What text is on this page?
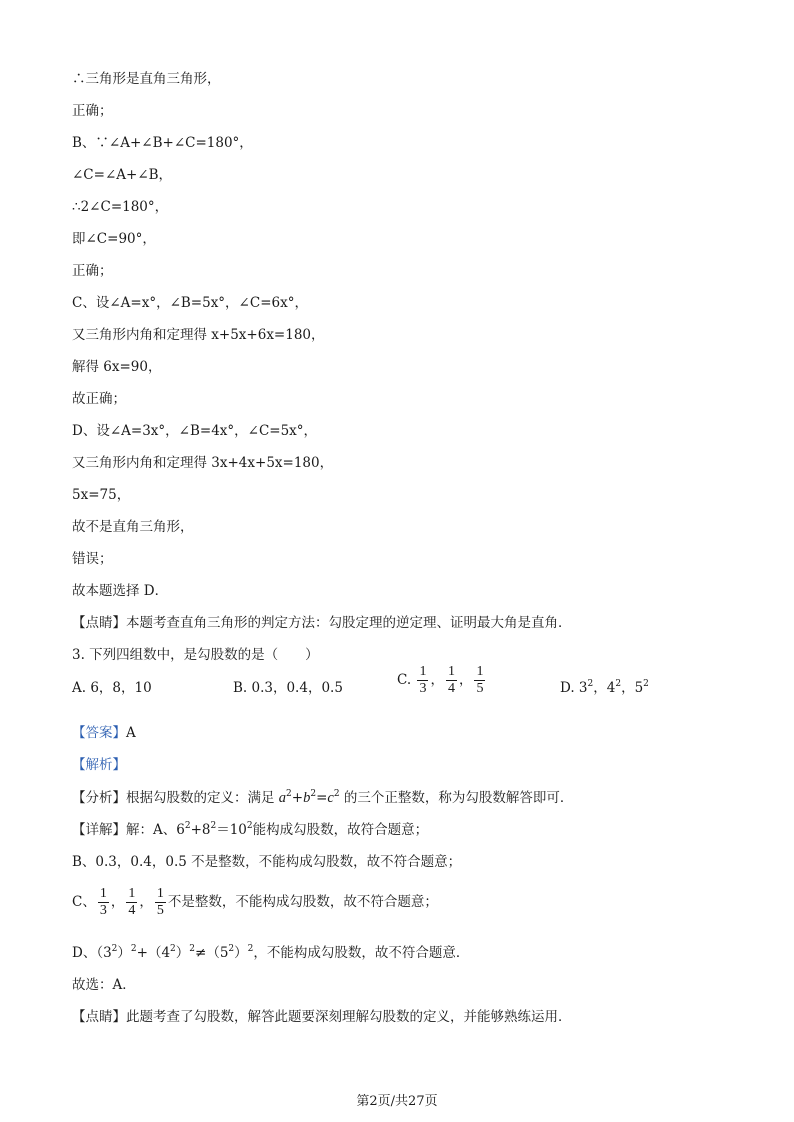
∴三角形是直角三角形，
正确；
B、∵∠A+∠B+∠C=180°，
∠C=∠A+∠B，
∴2∠C=180°，
即∠C=90°，
正确；
C、设∠A=x°，∠B=5x°，∠C=6x°，
又三角形内角和定理得 x+5x+6x=180，
解得 6x=90，
故正确；
D、设∠A=3x°，∠B=4x°，∠C=5x°，
又三角形内角和定理得 3x+4x+5x=180，
5x=75，
故不是直角三角形，
错误；
故本题选择 D．
【点睛】本题考查直角三角形的判定方法：勾股定理的逆定理、证明最大角是直角．
3. 下列四组数中，是勾股数的是（　　）
A. 6，8，10	B. 0.3，0.4，0.5	C. $\frac{1}{3}$ ， $\frac{1}{4}$ ， $\frac{1}{5}$	D. $3^2$，$4^2$，$5^2$
【答案】A
【解析】
【分析】根据勾股数的定义：满足 $a^2+b^2=c^2$ 的三个正整数，称为勾股数解答即可．
【详解】解：A、$6^2+8^2=10^2$能构成勾股数，故符合题意；
B、0.3，0.4，0.5 不是整数，不能构成勾股数，故不符合题意；
C、 $\frac{1}{3}$ ， $\frac{1}{4}$ ， $\frac{1}{5}$ 不是整数，不能构成勾股数，故不符合题意；
D、$(3^2)^2+(4^2)^2\ne(5^2)^2$，不能构成勾股数，故不符合题意．
故选：A．
【点睛】此题考查了勾股数，解答此题要深刻理解勾股数的定义，并能够熟练运用．
第2页/共27页
